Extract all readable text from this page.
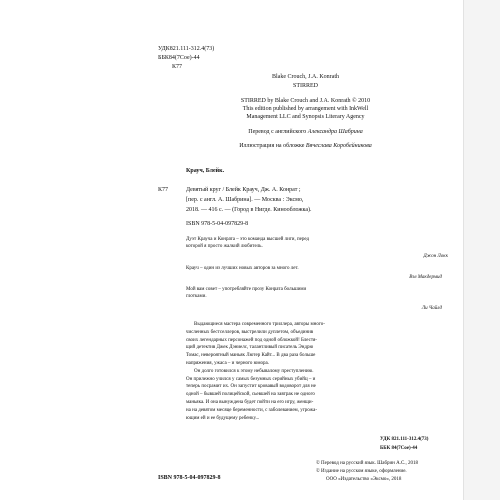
УДК821.111-312.4(73)
ББК84(7Сое)-44
К77
Blake Crouch, J.A. Konrath
STIRRED
STIRRED by Blake Crouch and J.A. Konrath © 2010
This edition published by arrangement with InkWell
Management LLC and Synopsis Literary Agency
Перевод с английского Александра Шабрина
Иллюстрация на обложке Вячеслава Коробейникова
Крауч, Блейк.
К77	Девятый круг / Блейк Крауч, Дж. А. Конрат ;
[пер. с англ. А. Шабрина]. — Москва : Эксмо,
2018. — 416 с. — (Город в Нигде. Кинообложка).
ISBN 978-5-04-097829-8
Дуэт Крауча и Конрата – это команда высшей лиги, перед
которой я просто жалкий любитель.
Джон Локк
Крауч – один из лучших новых авторов за много лет.
Вэл Макдермид
Мой вам совет – употребляйте прозу Конрата большими
глотками.
Ли Чайлд
Выдающиеся мастера современного триллера, авторы много-
численных бестселлеров, выстрелили дуплетом, объединив
своих легендарных персонажей под одной обложкой! Блестя-
щий детектив Джек Дэниелс, талантливый писатель Эндрю
Томас, невероятный маньяк Лютер Кайт... В два раза больше
напряжения, ужаса – и черного юмора.
Он долго готовился к этому небывалому преступлению.
Он прилежно учился у самых безумных серийных убийц – и
теперь посрамит их. Он запустит кровавый водоворот для не
одной – бывшей полицейской, сьевшей на завтрак не одного
маньяка. И она вынуждена будет пойти на его игру, женщи-
на на девятом месяце беременности, с заболеванием, угрожа-
ющим ей и ее будущему ребенку...
УДК 821.111-312.4(73)
ББК 84(7Сое)-44
ISBN 978-5-04-097829-8
© Перевод на русский язык. Шабрин А.С., 2018
© Издание на русском языке, оформление.
ООО «Издательство «Эксмо», 2018
